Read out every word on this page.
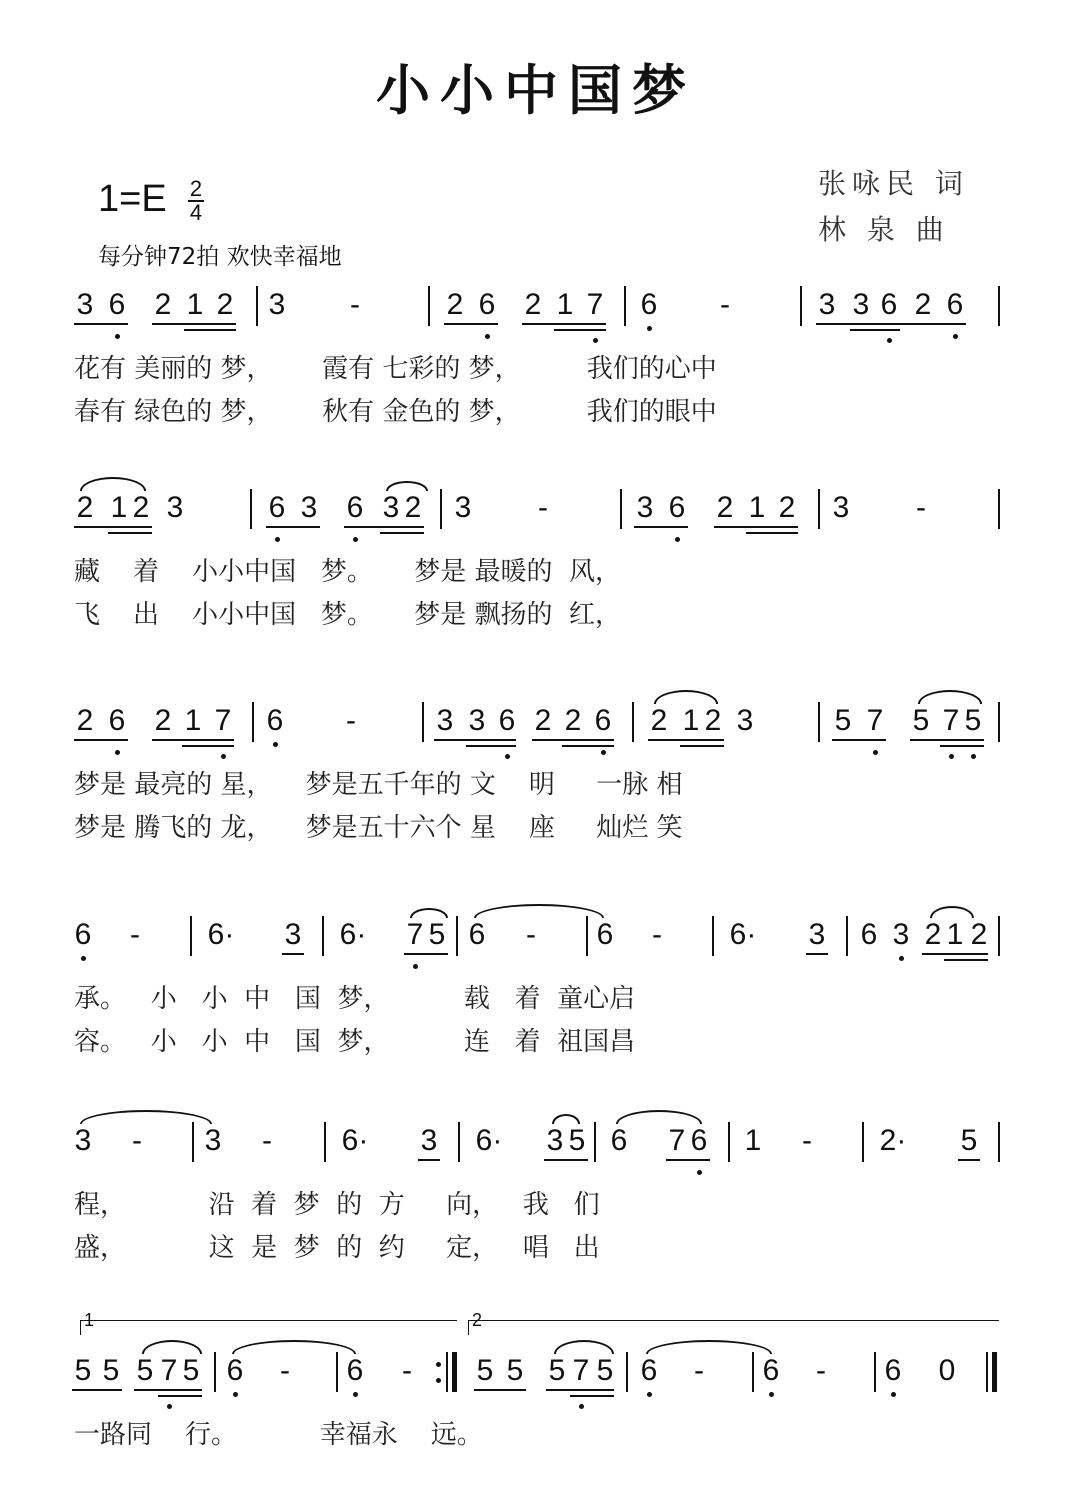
小小中国梦
张咏民 词
林 泉 曲
1=E 2
4
每分钟72拍 欢快幸福地
3 6 2 1 2 3 -	2 6 2 1 7 6 -	3 3 6 2 6
花有 美丽的 梦，      霞有 七彩的 梦，        我们的心中
春有 绿色的 梦，      秋有 金色的 梦，        我们的眼中
2 1 2 3	6 3 6 3 2 3 -	3 6 2 1 2 3 -
藏    着    小小中国   梦。     梦是 最暖的  风，
飞    出    小小中国   梦。     梦是 飘扬的  红，
2 6 2 1 7 6 -	3 3 6 2 2 6 2 1 2 3	5 7 5 7 5
梦是 最亮的 星，    梦是五千年的 文    明     一脉 相
梦是 腾飞的 龙，    梦是五十六个 星    座     灿烂 笑
6 - 6· 3 6· 7 5 6 - 6 - 6· 3 6 3 2 1 2
承。   小   小  中   国  梦，         载   着  童心启
容。   小   小  中   国  梦，         连   着  祖国昌
3 - 3 - 6· 3 6· 3 5 6 7 6 1 - 2· 5
程，          沿  着  梦  的  方     向，   我   们
盛，          这  是  梦  的  约     定，   唱   出
1	2
5 5 5 7 5 6 - 6 - 5 5 5 7 5 6 - 6 - 6 0
一路同    行。          幸福永    远。
